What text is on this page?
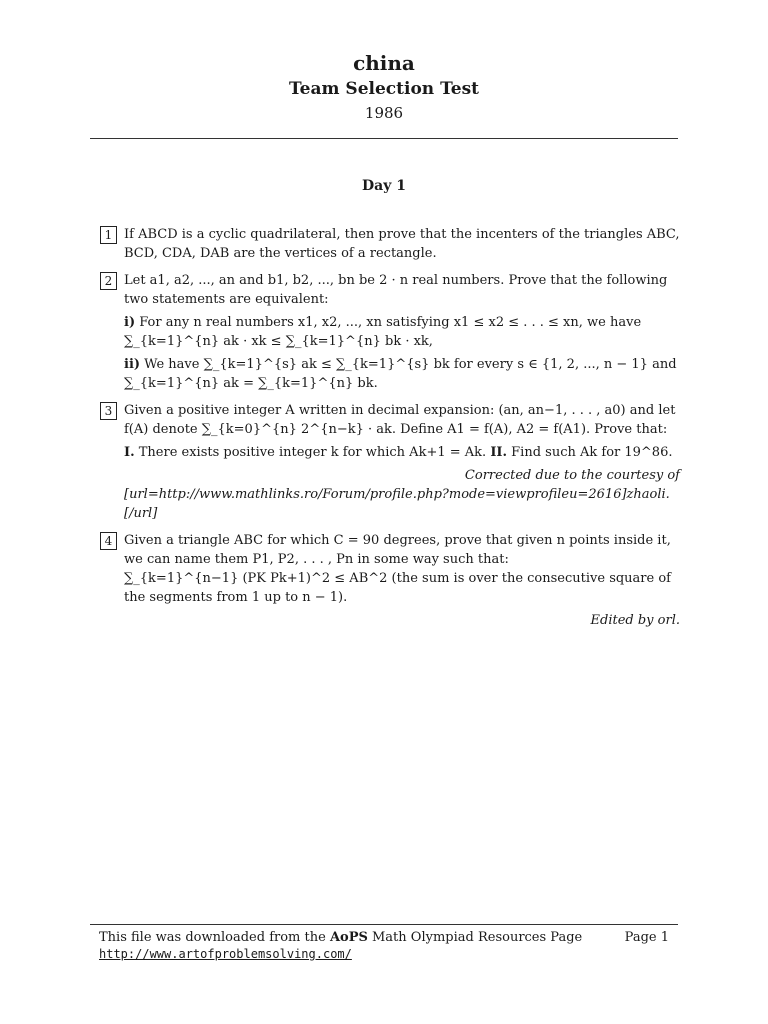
china
Team Selection Test
1986
Day 1
1 If ABCD is a cyclic quadrilateral, then prove that the incenters of the triangles ABC, BCD, CDA, DAB are the vertices of a rectangle.
2 Let a1, a2, ..., an and b1, b2, ..., bn be 2 · n real numbers. Prove that the following two statements are equivalent:
i) For any n real numbers x1, x2, ..., xn satisfying x1 ≤ x2 ≤ . . . ≤ xn, we have ∑_{k=1}^{n} ak · xk ≤ ∑_{k=1}^{n} bk · xk,
ii) We have ∑_{k=1}^{s} ak ≤ ∑_{k=1}^{s} bk for every s ∈ {1, 2, ..., n − 1} and ∑_{k=1}^{n} ak = ∑_{k=1}^{n} bk.
3 Given a positive integer A written in decimal expansion: (an, an−1, . . . , a0) and let f(A) denote ∑_{k=0}^{n} 2^{n−k} · ak. Define A1 = f(A), A2 = f(A1). Prove that:
I. There exists positive integer k for which Ak+1 = Ak. II. Find such Ak for 19^86.
Corrected due to the courtesy of
[url=http://www.mathlinks.ro/Forum/profile.php?mode=viewprofileu=2616]zhaoli.[/url]
4 Given a triangle ABC for which C = 90 degrees, prove that given n points inside it, we can name them P1, P2, . . . , Pn in some way such that:
∑_{k=1}^{n−1} (PK Pk+1)^2 ≤ AB^2 (the sum is over the consecutive square of the segments from 1 up to n − 1).
Edited by orl.
This file was downloaded from the AoPS Math Olympiad Resources Page	Page 1
http://www.artofproblemsolving.com/
